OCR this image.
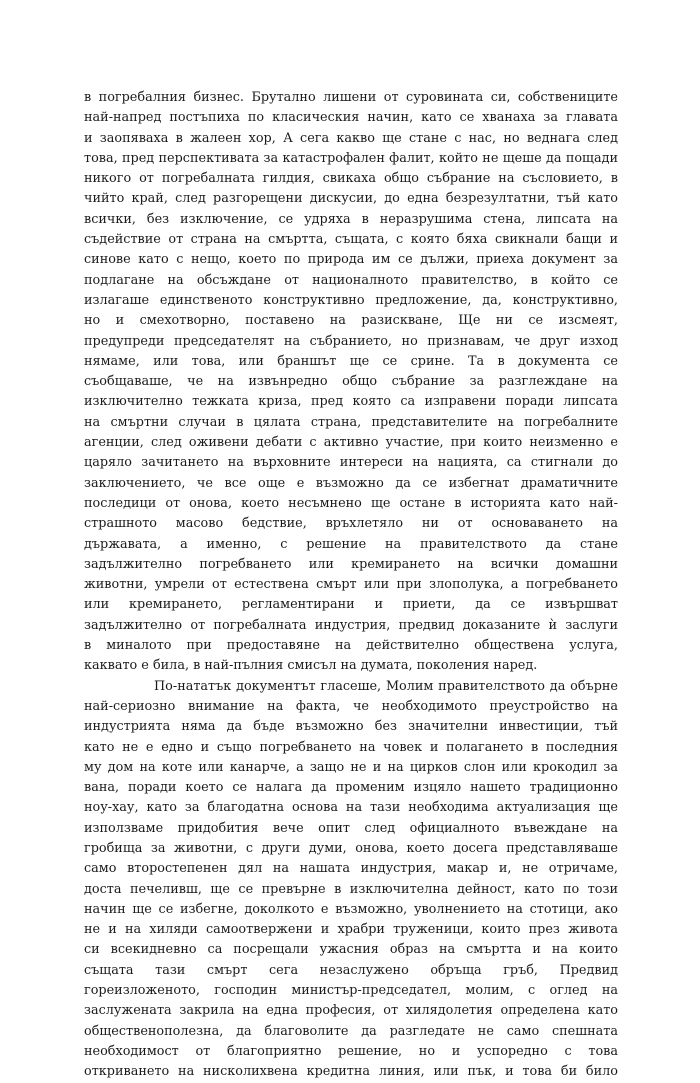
в погребалния бизнес. Брутално лишени от суровината си, собствениците
най-напред постъпиха по класическия начин, като се хванаха за главата
и заопяваха в жалеен хор, А сега какво ще стане с нас, но веднага след
това, пред перспективата за катастрофален фалит, който не щеше да пощади
никого от погребалната гилдия, свикаха общо събрание на съсловието, в
чийто край, след разгорещени дискусии, до една безрезултатни, тъй като
всички, без изключение, се удряха в неразрушима стена, липсата на
съдействие от страна на смъртта, същата, с която бяха свикнали бащи и
синове като с нещо, което по природа им се дължи, приеха документ за
подлагане на обсъждане от националното правителство, в който се
излагаше единственото конструктивно предложение, да, конструктивно,
но и смехотворно, поставено на разискване, Ще ни се изсмеят,
предупреди председателят на събранието, но признавам, че друг изход
нямаме, или това, или браншът ще се срине. Та в документа се
съобщаваше, че на извънредно общо събрание за разглеждане на
изключително тежката криза, пред която са изправени поради липсата
на смъртни случаи в цялата страна, представителите на погребалните
агенции, след оживени дебати с активно участие, при които неизменно е
царяло зачитането на върховните интереси на нацията, са стигнали до
заключението, че все още е възможно да се избегнат драматичните
последици от онова, което несъмнено ще остане в историята като най-
страшното масово бедствие, връхлетяло ни от основаването на
държавата, а именно, с решение на правителството да стане
задължително погребването или кремирането на всички домашни
животни, умрели от естествена смърт или при злополука, а погребването
или кремирането, регламентирани и приети, да се извършват
задължително от погребалната индустрия, предвид доказаните ѝ заслуги
в миналото при предоставяне на действително обществена услуга,
каквато е била, в най-пълния смисъл на думата, поколения наред.
По-нататък документът гласеше, Молим правителството да обърне
най-сериозно внимание на факта, че необходимото преустройство на
индустрията няма да бъде възможно без значителни инвестиции, тъй
като не е едно и също погребването на човек и полагането в последния
му дом на коте или канарче, а защо не и на цирков слон или крокодил за
вана, поради което се налага да променим изцяло нашето традиционно
ноу-хау, като за благодатна основа на тази необходима актуализация ще
използваме придобития вече опит след официалното въвеждане на
гробища за животни, с други думи, онова, което досега представляваше
само второстепенен дял на нашата индустрия, макар и, не отричаме,
доста печеливш, ще се превърне в изключителна дейност, като по този
начин ще се избегне, доколкото е възможно, уволнението на стотици, ако
не и на хиляди самоотвержени и храбри труженици, които през живота
си всекидневно са посрещали ужасния образ на смъртта и на които
същата тази смърт сега незаслужено обръща гръб, Предвид
гореизложеното, господин министър-председател, молим, с оглед на
заслужената закрила на една професия, от хилядолетия определена като
общественополезна, да благоволите да разгледате не само спешната
необходимост от благоприятно решение, но и успоредно с това
откриването на нисколихвена кредитна линия, или пък, и това би било
